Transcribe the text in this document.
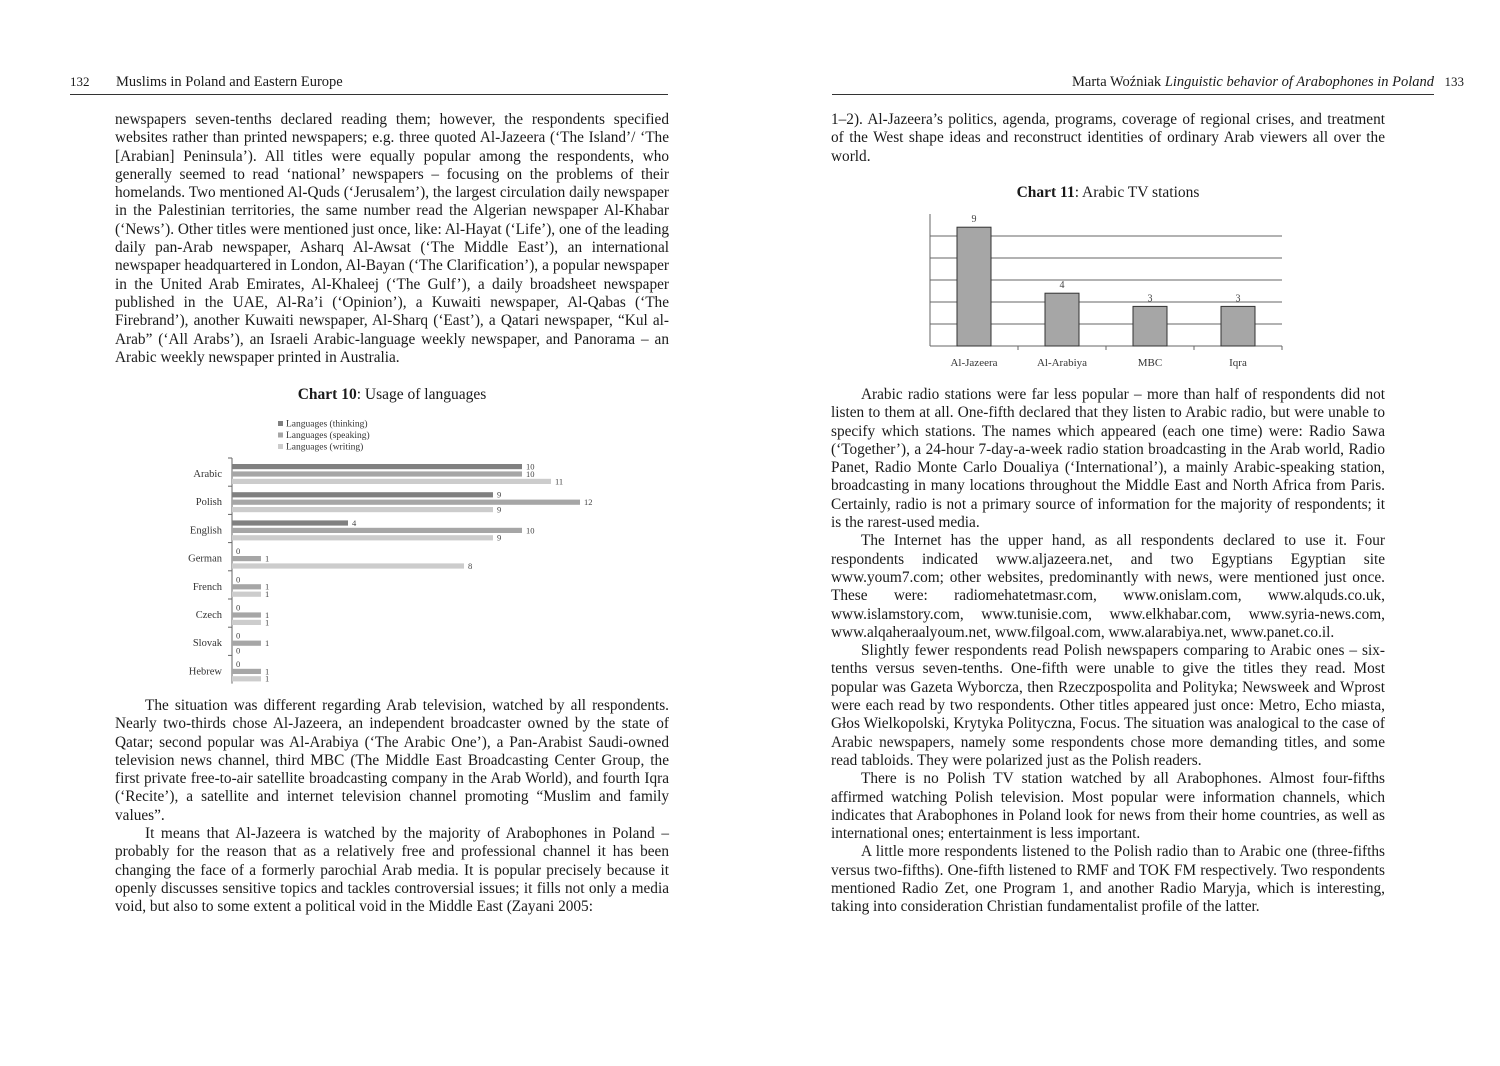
132 Muslims in Poland and Eastern Europe

newspapers seven-tenths declared reading them; however, the respondents specified websites rather than printed newspapers; e.g. three quoted Al-Jazeera (‘The Island’/ ‘The [Arabian] Peninsula’). All titles were equally popular among the respondents, who generally seemed to read ‘national’ newspapers – focusing on the problems of their homelands. Two mentioned Al-Quds (‘Jerusalem’), the largest circulation daily newspaper in the Palestinian territories, the same number read the Algerian newspaper Al-Khabar (‘News’). Other titles were mentioned just once, like: Al-Hayat (‘Life’), one of the leading daily pan-Arab newspaper, Asharq Al-Awsat (‘The Middle East’), an international newspaper headquartered in London, Al-Bayan (‘The Clarification’), a popular newspaper in the United Arab Emirates, Al-Khaleej (‘The Gulf’), a daily broadsheet newspaper published in the UAE, Al-Ra’i (‘Opinion’), a Kuwaiti newspaper, Al-Qabas (‘The Firebrand’), another Kuwaiti newspaper, Al-Sharq (‘East’), a Qatari newspaper, “Kul al-Arab” (‘All Arabs’), an Israeli Arabic-language weekly newspaper, and Panorama – an Arabic weekly newspaper printed in Australia.

Chart 10: Usage of languages
Languages (thinking)
Languages (speaking)
Languages (writing)
Arabic
10
10
11
Polish
9
12
9
English
4
10
9
German
0
1
8
French
0
1
1
Czech
0
1
1
Slovak
0
1
0
Hebrew
0
1
1

The situation was different regarding Arab television, watched by all respondents. Nearly two-thirds chose Al-Jazeera, an independent broadcaster owned by the state of Qatar; second popular was Al-Arabiya (‘The Arabic One’), a Pan-Arabist Saudi-owned television news channel, third MBC (The Middle East Broadcasting Center Group, the first private free-to-air satellite broadcasting company in the Arab World), and fourth Iqra (‘Recite’), a satellite and internet television channel promoting “Muslim and family values”.

It means that Al-Jazeera is watched by the majority of Arabophones in Poland – probably for the reason that as a relatively free and professional channel it has been changing the face of a formerly parochial Arab media. It is popular precisely because it openly discusses sensitive topics and tackles controversial issues; it fills not only a media void, but also to some extent a political void in the Middle East (Zayani 2005:

Marta Woźniak Linguistic behavior of Arabophones in Poland 133

1–2). Al-Jazeera’s politics, agenda, programs, coverage of regional crises, and treatment of the West shape ideas and reconstruct identities of ordinary Arab viewers all over the world.

Chart 11: Arabic TV stations
9
Al-Jazeera
4
Al-Arabiya
3
MBC
3
Iqra

Arabic radio stations were far less popular – more than half of respondents did not listen to them at all. One-fifth declared that they listen to Arabic radio, but were unable to specify which stations. The names which appeared (each one time) were: Radio Sawa (‘Together’), a 24-hour 7-day-a-week radio station broadcasting in the Arab world, Radio Panet, Radio Monte Carlo Doualiya (‘International’), a mainly Arabic-speaking station, broadcasting in many locations throughout the Middle East and North Africa from Paris. Certainly, radio is not a primary source of information for the majority of respondents; it is the rarest-used media.

The Internet has the upper hand, as all respondents declared to use it. Four respondents indicated www.aljazeera.net, and two Egyptians Egyptian site www.youm7.com; other websites, predominantly with news, were mentioned just once. These were: radiomehatetmasr.com, www.onislam.com, www.alquds.co.uk, www.islamstory.com, www.tunisie.com, www.elkhabar.com, www.syria-news.com, www.alqaheraalyoum.net, www.filgoal.com, www.alarabiya.net, www.panet.co.il.

Slightly fewer respondents read Polish newspapers comparing to Arabic ones – six-tenths versus seven-tenths. One-fifth were unable to give the titles they read. Most popular was Gazeta Wyborcza, then Rzeczpospolita and Polityka; Newsweek and Wprost were each read by two respondents. Other titles appeared just once: Metro, Echo miasta, Głos Wielkopolski, Krytyka Polityczna, Focus. The situation was analogical to the case of Arabic newspapers, namely some respondents chose more demanding titles, and some read tabloids. They were polarized just as the Polish readers.

There is no Polish TV station watched by all Arabophones. Almost four-fifths affirmed watching Polish television. Most popular were information channels, which indicates that Arabophones in Poland look for news from their home countries, as well as international ones; entertainment is less important.

A little more respondents listened to the Polish radio than to Arabic one (three-fifths versus two-fifths). One-fifth listened to RMF and TOK FM respectively. Two respondents mentioned Radio Zet, one Program 1, and another Radio Maryja, which is interesting, taking into consideration Christian fundamentalist profile of the latter.
